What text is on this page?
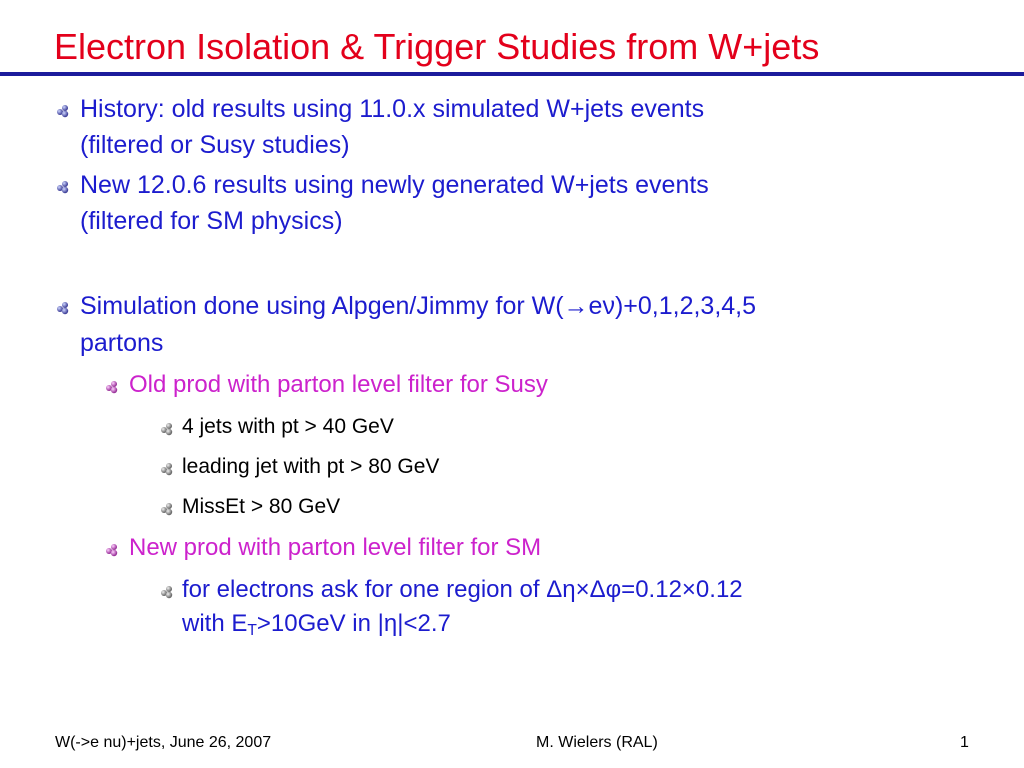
Electron Isolation & Trigger Studies from W+jets
History: old results using 11.0.x simulated W+jets events
(filtered or Susy studies)
New 12.0.6 results using newly generated W+jets events
(filtered for SM physics)
Simulation done using Alpgen/Jimmy for W(→eν)+0,1,2,3,4,5
partons
Old prod with parton level filter for Susy
4 jets with pt > 40 GeV
leading jet with pt > 80 GeV
MissEt > 80 GeV
New prod with parton level filter for SM
for electrons ask for one region of Δη×Δφ=0.12×0.12
with $E_T>10GeV$ in |η|<2.7
W(->e nu)+jets, June 26, 2007	M. Wielers (RAL)	1
